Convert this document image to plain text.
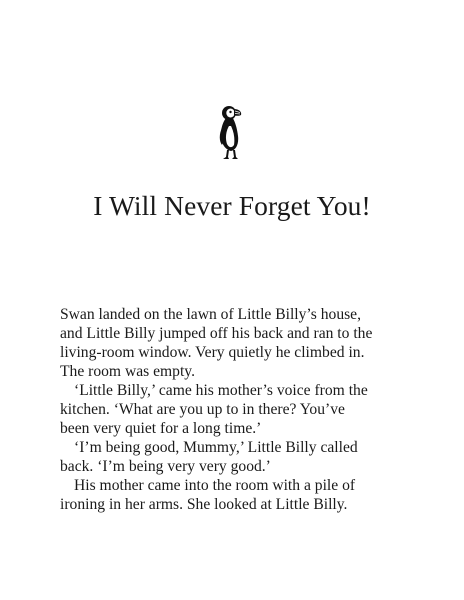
I Will Never Forget You!

Swan landed on the lawn of Little Billy’s house,
and Little Billy jumped off his back and ran to the
living-room window. Very quietly he climbed in.
The room was empty.
‘Little Billy,’ came his mother’s voice from the
kitchen. ‘What are you up to in there? You’ve
been very quiet for a long time.’
‘I’m being good, Mummy,’ Little Billy called
back. ‘I’m being very very good.’
His mother came into the room with a pile of
ironing in her arms. She looked at Little Billy.
